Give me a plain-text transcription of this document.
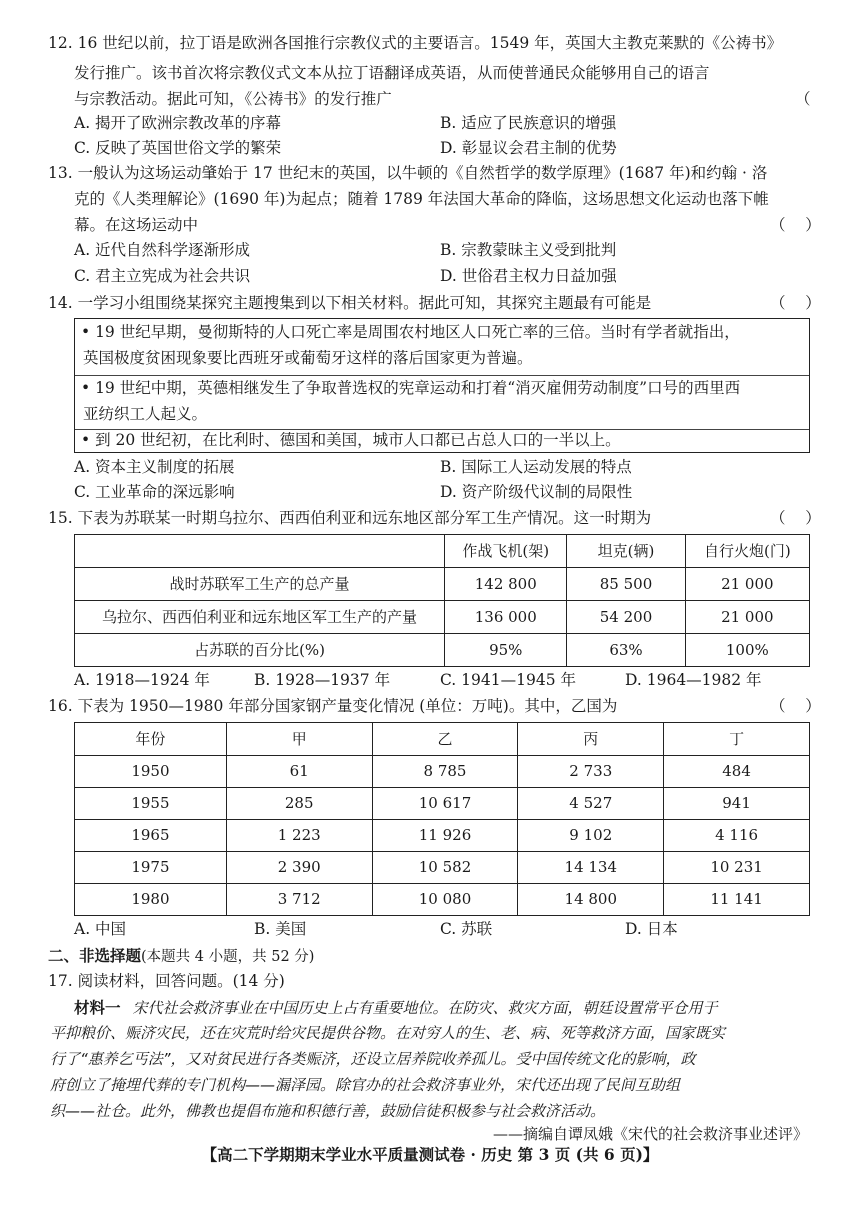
12. 16 世纪以前，拉丁语是欧洲各国推行宗教仪式的主要语言。1549 年，英国大主教克莱默的《公祷书》
发行推广。该书首次将宗教仪式文本从拉丁语翻译成英语，从而使普通民众能够用自己的语言
与宗教活动。据此可知，《公祷书》的发行推广	（
A. 揭开了欧洲宗教改革的序幕	B. 适应了民族意识的增强
C. 反映了英国世俗文学的繁荣	D. 彰显议会君主制的优势
13. 一般认为这场运动肇始于 17 世纪末的英国，以牛顿的《自然哲学的数学原理》(1687 年)和约翰 · 洛
克的《人类理解论》(1690 年)为起点；随着 1789 年法国大革命的降临，这场思想文化运动也落下帷
幕。在这场运动中	（    ）
A. 近代自然科学逐渐形成	B. 宗教蒙昧主义受到批判
C. 君主立宪成为社会共识	D. 世俗君主权力日益加强
14. 一学习小组围绕某探究主题搜集到以下相关材料。据此可知，其探究主题最有可能是	（    ）
• 19 世纪早期，曼彻斯特的人口死亡率是周围农村地区人口死亡率的三倍。当时有学者就指出，
英国极度贫困现象要比西班牙或葡萄牙这样的落后国家更为普遍。
• 19 世纪中期，英德相继发生了争取普选权的宪章运动和打着“消灭雇佣劳动制度”口号的西里西
亚纺织工人起义。
• 到 20 世纪初，在比利时、德国和美国，城市人口都已占总人口的一半以上。
A. 资本主义制度的拓展	B. 国际工人运动发展的特点
C. 工业革命的深远影响	D. 资产阶级代议制的局限性
15. 下表为苏联某一时期乌拉尔、西西伯利亚和远东地区部分军工生产情况。这一时期为	（    ）
	作战飞机(架)	坦克(辆)	自行火炮(门)
战时苏联军工生产的总产量	142 800	85 500	21 000
乌拉尔、西西伯利亚和远东地区军工生产的产量	136 000	54 200	21 000
占苏联的百分比(%)	95%	63%	100%
A. 1918—1924 年	B. 1928—1937 年	C. 1941—1945 年	D. 1964—1982 年
16. 下表为 1950—1980 年部分国家钢产量变化情况 (单位：万吨)。其中，乙国为	（    ）
年份	甲	乙	丙	丁
1950	61	8 785	2 733	484
1955	285	10 617	4 527	941
1965	1 223	11 926	9 102	4 116
1975	2 390	10 582	14 134	10 231
1980	3 712	10 080	14 800	11 141
A. 中国	B. 美国	C. 苏联	D. 日本
二、非选择题(本题共 4 小题，共 52 分)
17. 阅读材料，回答问题。(14 分)
材料一 宋代社会救济事业在中国历史上占有重要地位。在防灾、救灾方面，朝廷设置常平仓用于
平抑粮价、赈济灾民，还在灾荒时给灾民提供谷物。在对穷人的生、老、病、死等救济方面，国家既实
行了“惠养乞丐法”，又对贫民进行各类赈济，还设立居养院收养孤儿。受中国传统文化的影响，政
府创立了掩埋代葬的专门机构——漏泽园。除官办的社会救济事业外，宋代还出现了民间互助组
织——社仓。此外，佛教也提倡布施和积德行善，鼓励信徒积极参与社会救济活动。
——摘编自谭凤娥《宋代的社会救济事业述评》
【高二下学期期末学业水平质量测试卷 · 历史 第 3 页 (共 6 页)】
